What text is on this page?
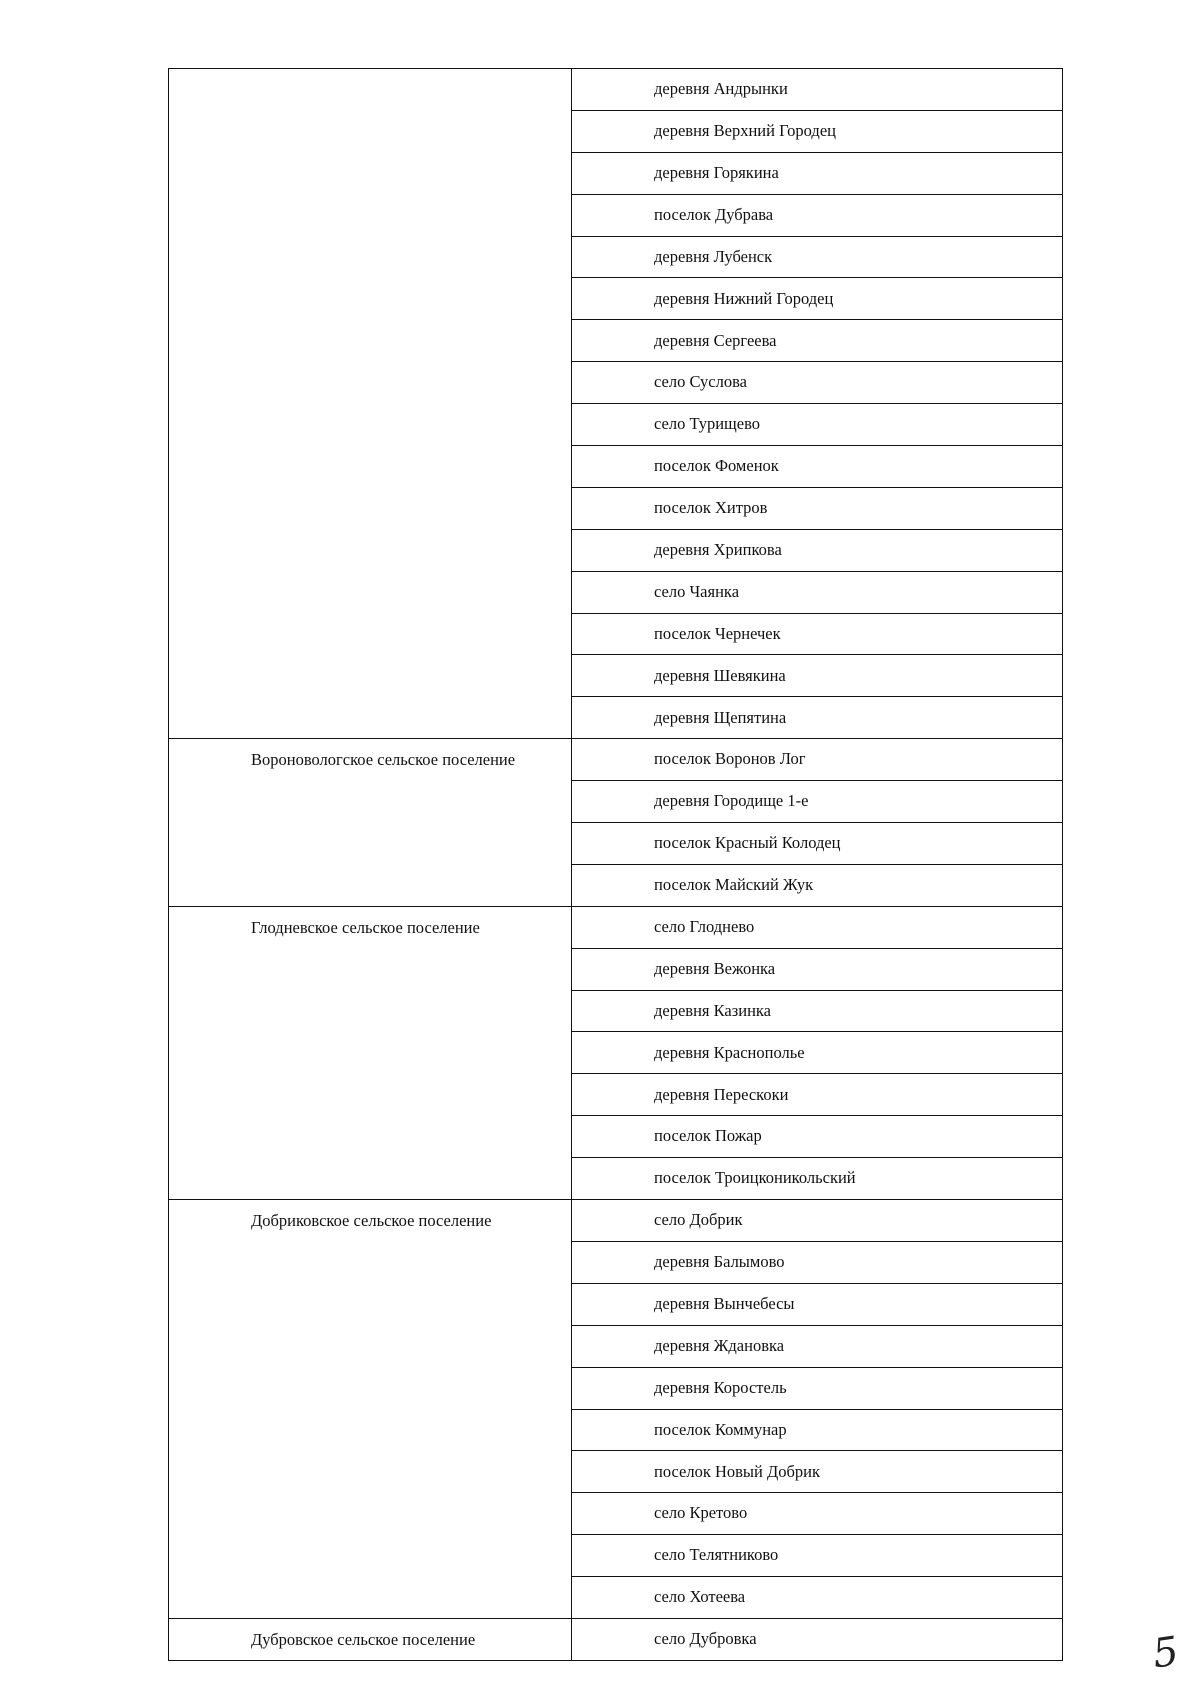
	деревня Андрынки
	деревня Верхний Городец
	деревня Горякина
	поселок Дубрава
	деревня Лубенск
	деревня Нижний Городец
	деревня Сергеева
	село Суслова
	село Турищево
	поселок Фоменок
	поселок Хитров
	деревня Хрипкова
	село Чаянка
	поселок Чернечек
	деревня Шевякина
	деревня Щепятина
Вороновологское сельское поселение	поселок Воронов Лог
	деревня Городище 1-е
	поселок Красный Колодец
	поселок Майский Жук
Глодневское сельское поселение	село Глоднево
	деревня Вежонка
	деревня Казинка
	деревня Краснополье
	деревня Перескоки
	поселок Пожар
	поселок Троицконикольский
Добриковское сельское поселение	село Добрик
	деревня Балымово
	деревня Вынчебесы
	деревня Ждановка
	деревня Коростель
	поселок Коммунар
	поселок Новый Добрик
	село Кретово
	село Телятниково
	село Хотеева
Дубровское сельское поселение	село Дубровка	5
